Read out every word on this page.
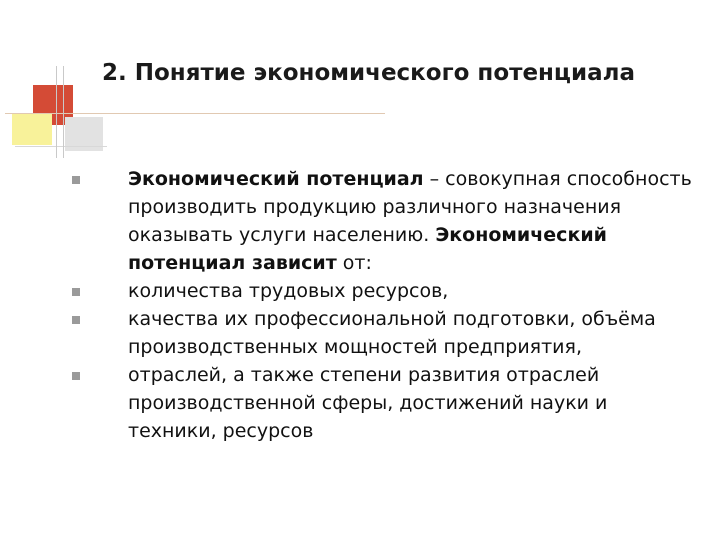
2. Понятие экономического потенциала
Экономический потенциал – совокупная способность производить продукцию различного назначения оказывать услуги населению. Экономический потенциал зависит от:
количества трудовых ресурсов,
качества их профессиональной подготовки, объёма производственных мощностей предприятия,
отраслей, а также степени развития отраслей производственной сферы, достижений науки и техники, ресурсов
